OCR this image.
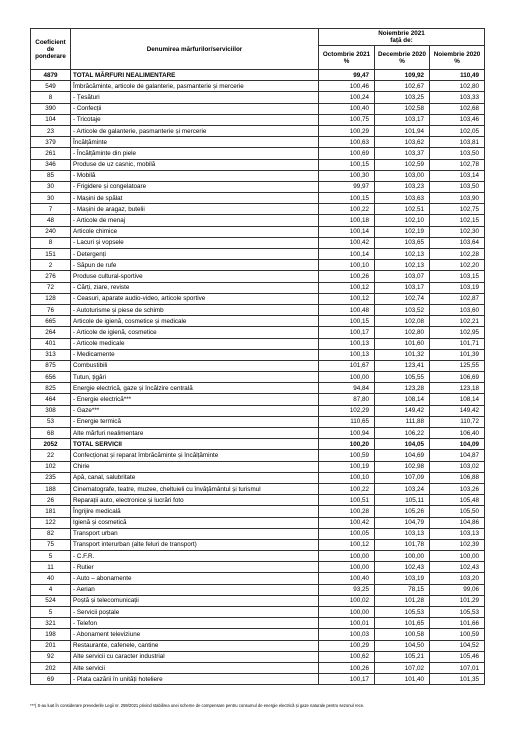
Coeficient de ponderare	Denumirea mărfurilor/serviciilor	Noiembrie 2021
față de:		

		Octombrie 2021 %	Decembrie 2020 %	Noiembrie 2020 %
4879	TOTAL MĂRFURI NEALIMENTARE	99,47	109,92	110,49
549	Îmbrăcăminte, articole de galanterie, pasmanterie și mercerie	100,46	102,67	102,80
8	- Țesături	100,24	103,25	103,33
390	- Confecții	100,40	102,58	102,68
104	- Tricotaje	100,75	103,17	103,46
23	- Articole de galanterie, pasmanterie și mercerie	100,29	101,94	102,05
379	Încălțăminte	100,63	103,62	103,81
261	- Încălțăminte din piele	100,69	103,37	103,50
346	Produse de uz casnic, mobilă	100,15	102,59	102,78
85	- Mobilă	100,30	103,00	103,14
30	- Frigidere și congelatoare	99,97	103,23	103,50
30	- Mașini de spălat	100,15	103,63	103,90
7	- Mașini de aragaz, butelii	100,22	102,51	102,75
48	- Articole de menaj	100,18	102,10	102,15
240	Articole chimice	100,14	102,19	102,30
8	- Lacuri și vopsele	100,42	103,65	103,64
151	- Detergenți	100,14	102,13	102,28
2	- Săpun de rufe	100,10	102,13	102,20
276	Produse cultural-sportive	100,26	103,07	103,15
72	- Cărți, ziare, reviste	100,12	103,17	103,19
128	- Ceasuri, aparate audio-video, articole sportive	100,12	102,74	102,87
76	- Autoturisme și piese de schimb	100,48	103,52	103,60
665	Articole de igienă, cosmetice și medicale	100,15	102,08	102,21
264	- Articole de igienă, cosmetice	100,17	102,80	102,95
401	- Articole medicale	100,13	101,60	101,71
313	- Medicamente	100,13	101,32	101,39
875	Combustibili	101,67	123,41	125,55
656	Tutun, țigări	100,00	105,55	106,69
825	Energie electrică, gaze și încălzire centrală	94,84	123,28	123,18
464	- Energie electrică***	87,80	108,14	108,14
308	- Gaze***	102,29	149,42	149,42
53	- Energie termică	110,65	111,88	110,72
68	Alte mărfuri nealimentare	100,94	106,22	106,40
2052	TOTAL SERVICII	100,20	104,05	104,09
22	Confecționat și reparat îmbrăcăminte și încălțăminte	100,59	104,69	104,87
102	Chirie	100,19	102,98	103,02
235	Apă, canal, salubritate	100,10	107,09	106,88
188	Cinematografe, teatre, muzee, cheltuieli cu învățământul și turismul	100,22	103,24	103,26
26	Reparații auto, electronice și lucrări foto	100,51	105,11	105,48
181	Îngrijire medicală	100,28	105,26	105,50
122	Igienă și cosmetică	100,42	104,79	104,86
82	Transport urban	100,05	103,13	103,13
75	Transport interurban (alte feluri de transport)	100,12	101,78	102,39
5	- C.F.R.	100,00	100,00	100,00
11	- Rutier	100,00	102,43	102,43
40	- Auto – abonamente	100,40	103,19	103,20
4	- Aerian	93,25	78,15	99,06
524	Poștă și telecomunicații	100,02	101,28	101,29
5	- Servicii poștale	100,00	105,53	105,53
321	- Telefon	100,01	101,65	101,66
198	- Abonament televiziune	100,03	100,58	100,59
201	Restaurante, cafenele, cantine	100,29	104,50	104,52
92	Alte servicii cu caracter industrial	100,62	105,21	105,46
202	Alte servicii	100,26	107,02	107,01
69	- Plata cazării în unități hoteliere	100,17	101,40	101,35
***) S-au luat în considerare prevederile Legii nr. 259/2021 privind stabilirea unei scheme de compensare pentru consumul de energie electrică și gaze naturale pentru sezonul rece.
